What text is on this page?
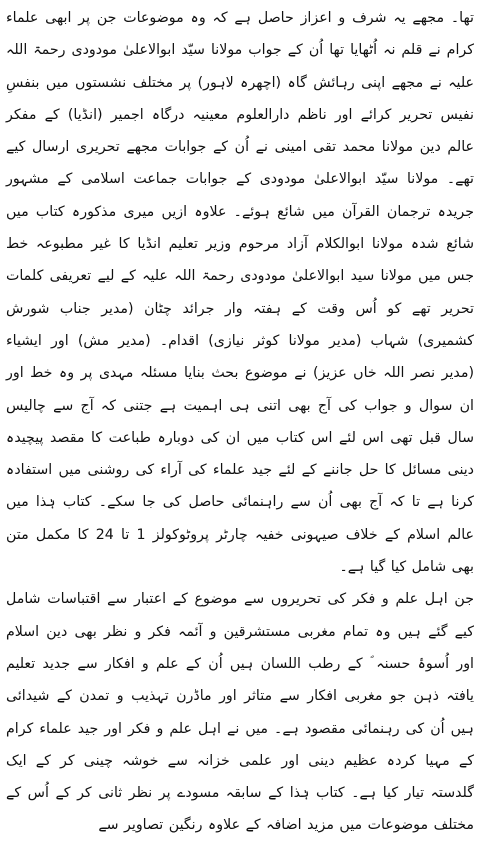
تھا۔ مجھے یہ شرف و اعزاز حاصل ہے کہ وہ موضوعات جن پر ابھی علماء کرام نے قلم نہ اُٹھایا تھا اُن کے جواب مولانا سیّد ابوالاعلیٰ مودودی رحمۃ اللہ علیہ نے مجھے اپنی رہائش گاہ (اچھرہ لاہور) پر مختلف نشستوں میں بنفسِ نفیس تحریر کرائے اور ناظم دارالعلوم معینیہ درگاہ اجمیر (انڈیا) کے مفکر عالم دین مولانا محمد تقی امینی نے اُن کے جوابات مجھے تحریری ارسال کیے تھے۔ مولانا سیّد ابوالاعلیٰ مودودی کے جوابات جماعت اسلامی کے مشہور جریدہ ترجمان القرآن میں شائع ہوئے۔ علاوہ ازیں میری مذکورہ کتاب میں شائع شدہ مولانا ابوالکلام آزاد مرحوم وزیر تعلیم انڈیا کا غیر مطبوعہ خط جس میں مولانا سید ابوالاعلیٰ مودودی رحمۃ اللہ علیہ کے لیے تعریفی کلمات تحریر تھے کو اُس وقت کے ہفتہ وار جرائد چٹان (مدیر جناب شورش کشمیری) شہاب (مدیر مولانا کوثر نیازی) اقدام۔ (مدیر مش) اور ایشیاء (مدیر نصر اللہ خاں عزیز) نے موضوع بحث بنایا مسئلہ مہدی پر وہ خط اور ان سوال و جواب کی آج بھی اتنی ہی اہمیت ہے جتنی کہ آج سے چالیس سال قبل تھی اس لئے اس کتاب میں ان کی دوبارہ طباعت کا مقصد پیچیدہ دینی مسائل کا حل جاننے کے لئے جید علماء کی آراء کی روشنی میں استفادہ کرنا ہے تا کہ آج بھی اُن سے راہنمائی حاصل کی جا سکے۔ کتاب ہٰذا میں عالم اسلام کے خلاف صیہونی خفیہ چارٹر پروٹوکولز 1 تا 24 کا مکمل متن بھی شامل کیا گیا ہے۔

جن اہل علم و فکر کی تحریروں سے موضوع کے اعتبار سے اقتباسات شامل کیے گئے ہیں وہ تمام مغربی مستشرقین و آئمہ فکر و نظر بھی دین اسلام اور اُسوۂ حسنہ ؐ کے رطب اللسان ہیں اُن کے علم و افکار سے جدید تعلیم یافتہ ذہن جو مغربی افکار سے متاثر اور ماڈرن تہذیب و تمدن کے شیدائی ہیں اُن کی رہنمائی مقصود ہے۔ میں نے اہل علم و فکر اور جید علماء کرام کے مہیا کردہ عظیم دینی اور علمی خزانہ سے خوشہ چینی کر کے ایک گلدستہ تیار کیا ہے۔ کتاب ہٰذا کے سابقہ مسودے پر نظر ثانی کر کے اُس کے مختلف موضوعات میں مزید اضافہ کے علاوہ رنگین تصاویر سے
